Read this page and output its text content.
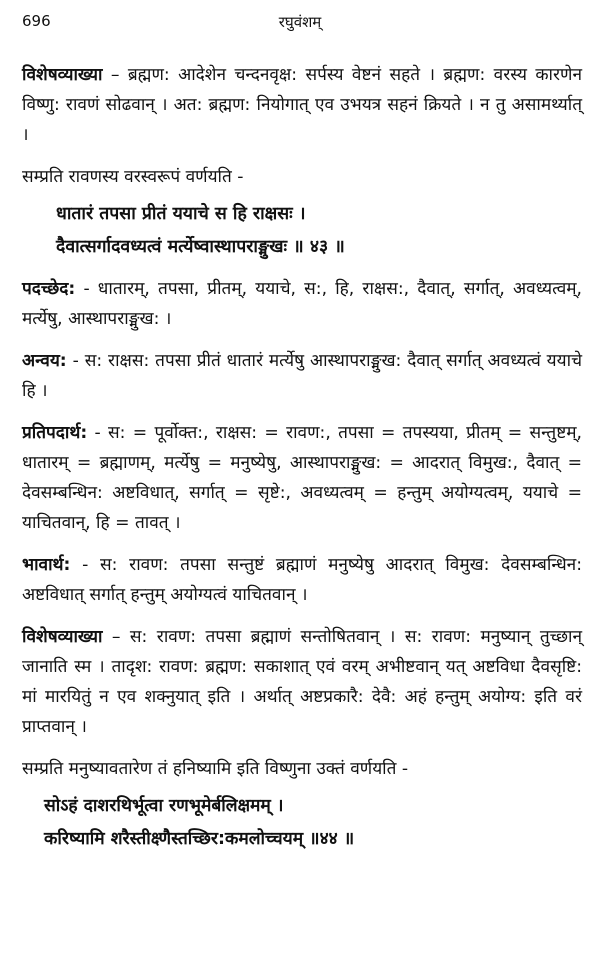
696	रघुवंशम्

विशेषव्याख्या – ब्रह्मण: आदेशेन चन्दनवृक्ष: सर्पस्य वेष्टनं सहते । ब्रह्मण: वरस्य कारणेन विष्णु: रावणं सोढवान् । अत: ब्रह्मण: नियोगात् एव उभयत्र सहनं क्रियते । न तु असामर्थ्यात् ।

सम्प्रति रावणस्य वरस्वरूपं वर्णयति -

धातारं तपसा प्रीतं ययाचे स हि राक्षसः ।
दैवात्सर्गादवध्यत्वं मर्त्येष्वास्थापराङ्मुखः ॥ ४३ ॥

पदच्छेद: - धातारम्, तपसा, प्रीतम्, ययाचे, स:, हि, राक्षस:, दैवात्, सर्गात्, अवध्यत्वम्, मर्त्येषु, आस्थापराङ्मुख: ।

अन्वय: - स: राक्षस: तपसा प्रीतं धातारं मर्त्येषु आस्थापराङ्मुख: दैवात् सर्गात् अवध्यत्वं ययाचे हि ।

प्रतिपदार्थ: - स: = पूर्वोक्त:, राक्षस: = रावण:, तपसा = तपस्यया, प्रीतम् = सन्तुष्टम्, धातारम् = ब्रह्माणम्, मर्त्येषु = मनुष्येषु, आस्थापराङ्मुख: = आदरात् विमुख:, दैवात् = देवसम्बन्धिन: अष्टविधात्, सर्गात् = सृष्टे:, अवध्यत्वम् = हन्तुम् अयोग्यत्वम्, ययाचे = याचितवान्, हि = तावत् ।

भावार्थ: - स: रावण: तपसा सन्तुष्टं ब्रह्माणं मनुष्येषु आदरात् विमुख: देवसम्बन्धिन: अष्टविधात् सर्गात् हन्तुम् अयोग्यत्वं याचितवान् ।

विशेषव्याख्या – स: रावण: तपसा ब्रह्माणं सन्तोषितवान् । स: रावण: मनुष्यान् तुच्छान् जानाति स्म । तादृश: रावण: ब्रह्मण: सकाशात् एवं वरम् अभीष्टवान् यत् अष्टविधा दैवसृष्टि: मां मारयितुं न एव शक्नुयात् इति । अर्थात् अष्टप्रकारै: देवै: अहं हन्तुम् अयोग्य: इति वरं प्राप्तवान् ।

सम्प्रति मनुष्यावतारेण तं हनिष्यामि इति विष्णुना उक्तं वर्णयति -

सोऽहं दाशरथिर्भूत्वा रणभूमेर्बलिक्षमम् ।
करिष्यामि शरैस्तीक्ष्णैस्तच्छिर:कमलोच्चयम् ॥४४ ॥
